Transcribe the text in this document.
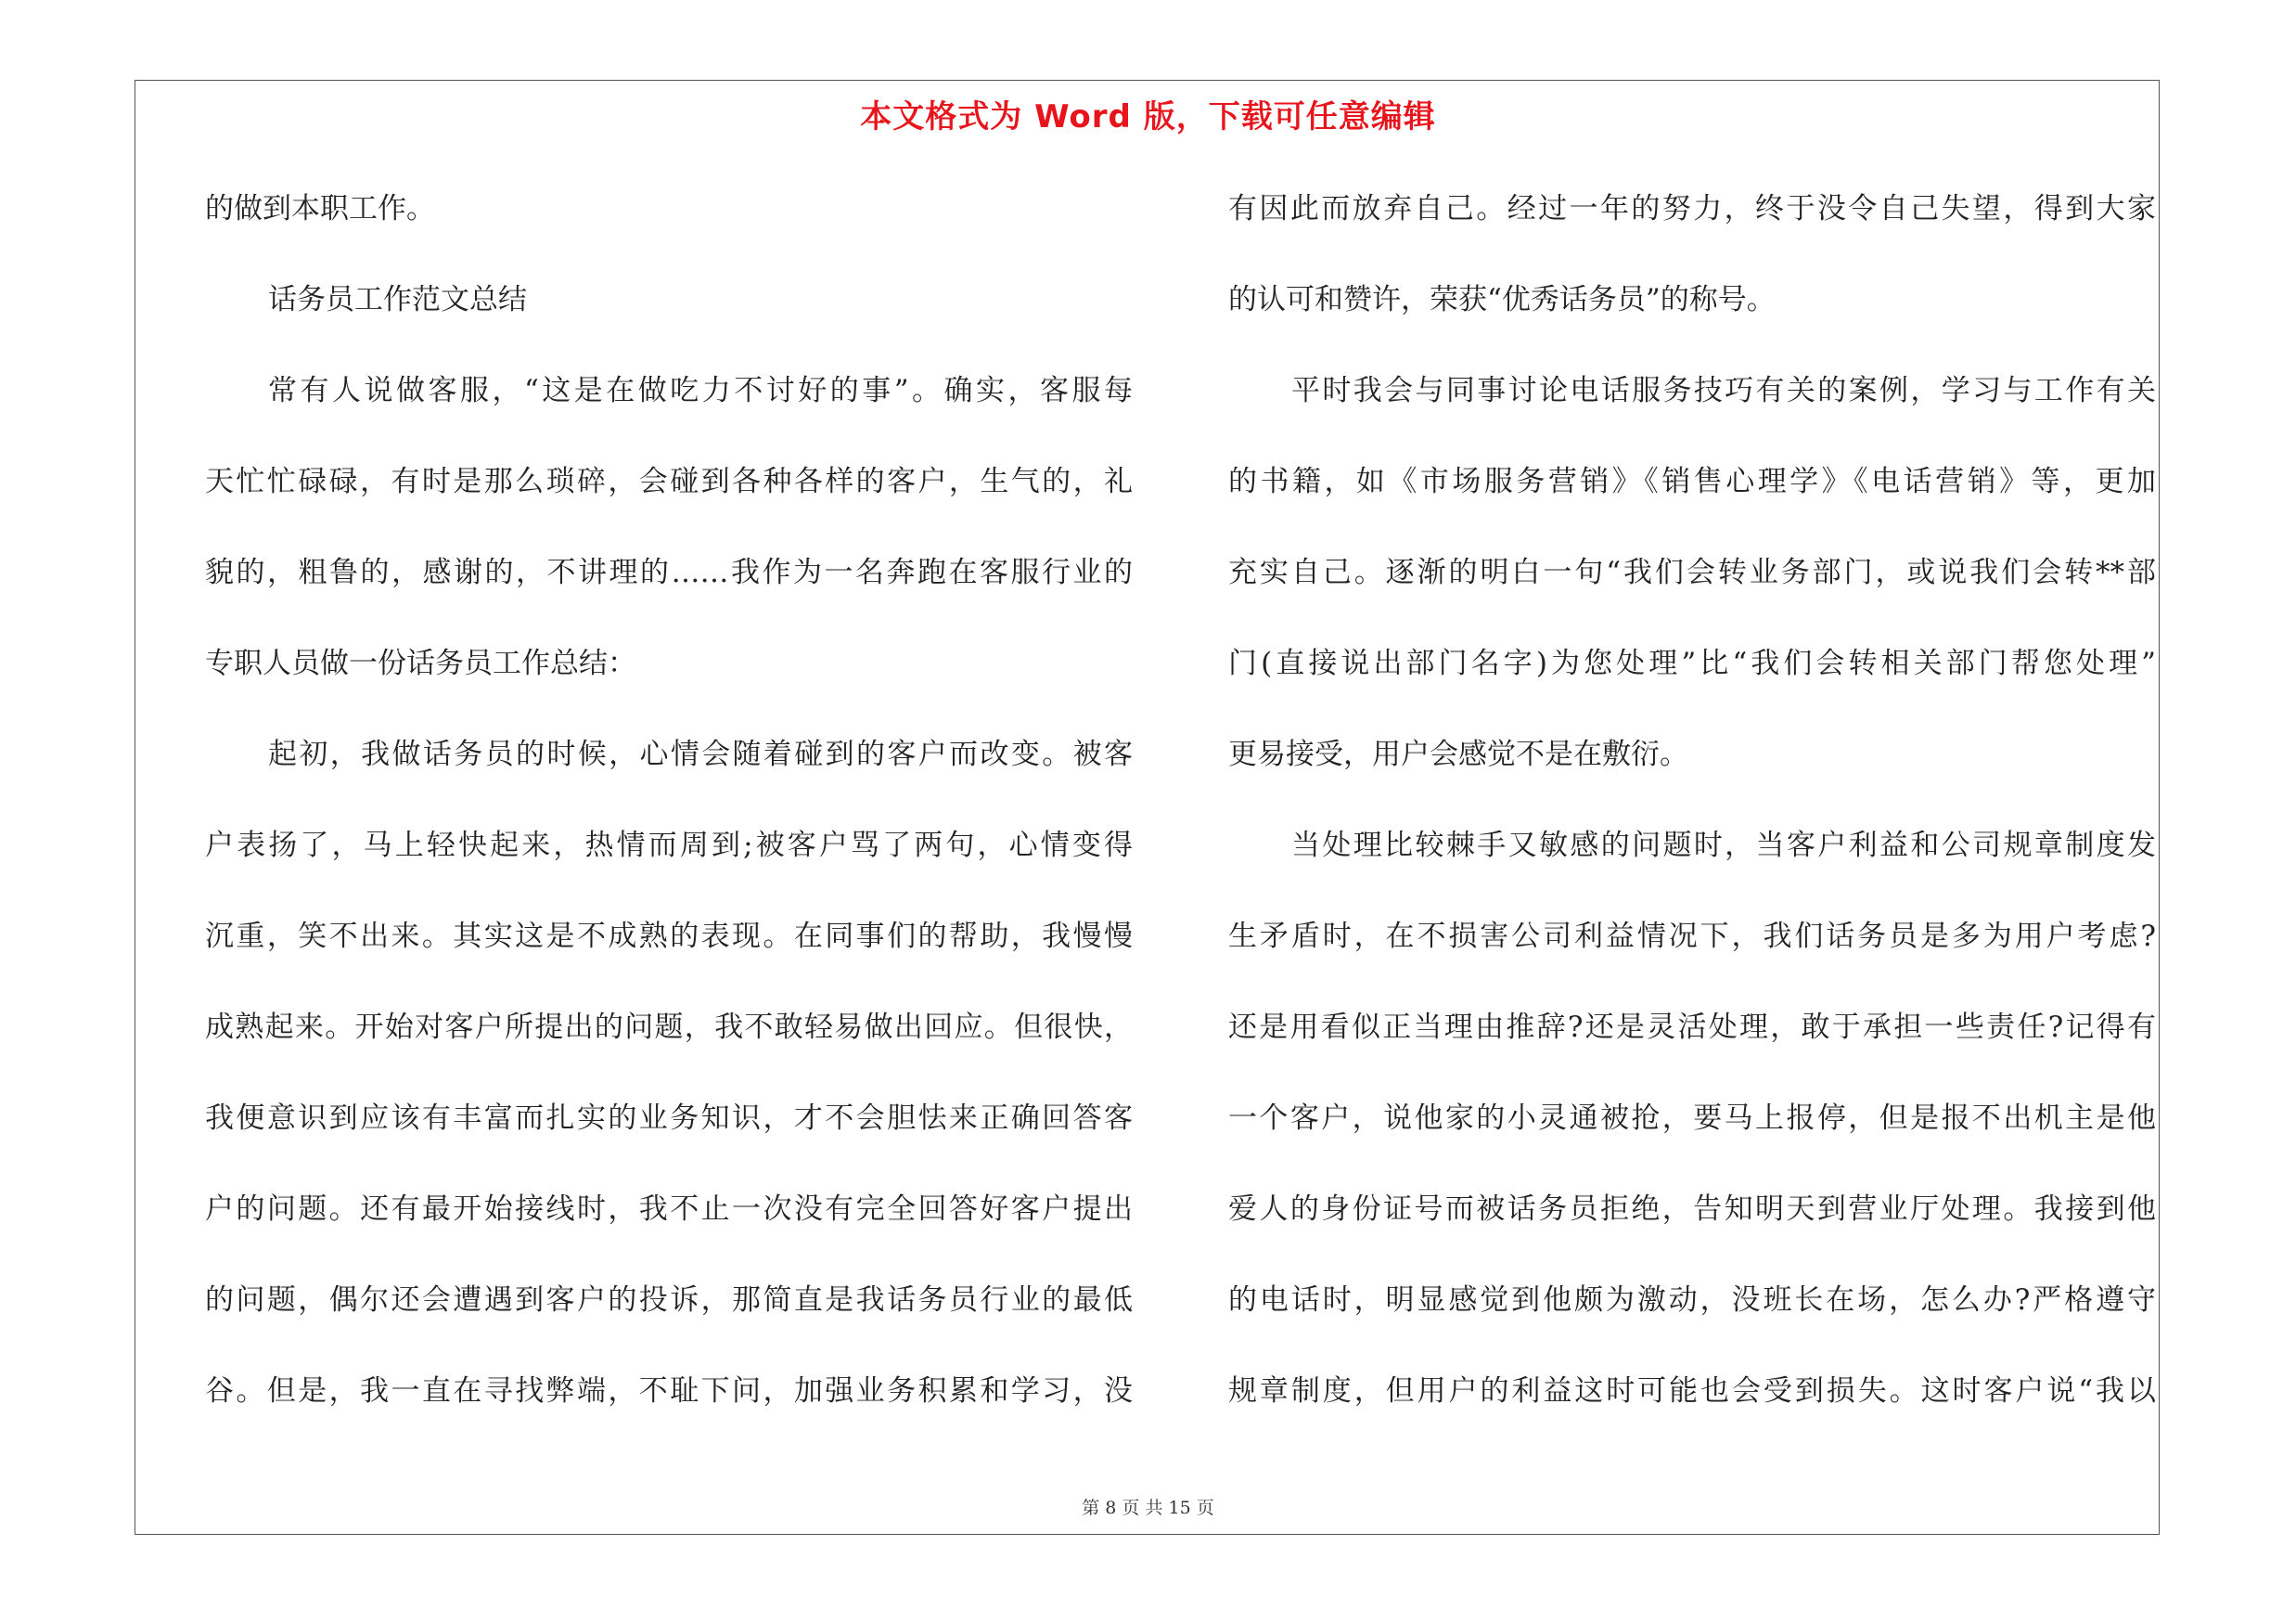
本文格式为 Word 版，下载可任意编辑
的做到本职工作。
话务员工作范文总结
常有人说做客服，“这是在做吃力不讨好的事”。确实，客服每
天忙忙碌碌，有时是那么琐碎，会碰到各种各样的客户，生气的，礼
貌的，粗鲁的，感谢的，不讲理的……我作为一名奔跑在客服行业的
专职人员做一份话务员工作总结：
起初，我做话务员的时候，心情会随着碰到的客户而改变。被客
户表扬了，马上轻快起来，热情而周到;被客户骂了两句，心情变得
沉重，笑不出来。其实这是不成熟的表现。在同事们的帮助，我慢慢
成熟起来。开始对客户所提出的问题，我不敢轻易做出回应。但很快，
我便意识到应该有丰富而扎实的业务知识，才不会胆怯来正确回答客
户的问题。还有最开始接线时，我不止一次没有完全回答好客户提出
的问题，偶尔还会遭遇到客户的投诉，那简直是我话务员行业的最低
谷。但是，我一直在寻找弊端，不耻下问，加强业务积累和学习，没
有因此而放弃自己。经过一年的努力，终于没令自己失望，得到大家
的认可和赞许，荣获“优秀话务员”的称号。
平时我会与同事讨论电话服务技巧有关的案例，学习与工作有关
的书籍，如《市场服务营销》《销售心理学》《电话营销》等，更加
充实自己。逐渐的明白一句“我们会转业务部门，或说我们会转**部
门(直接说出部门名字)为您处理”比“我们会转相关部门帮您处理”
更易接受，用户会感觉不是在敷衍。
当处理比较棘手又敏感的问题时，当客户利益和公司规章制度发
生矛盾时，在不损害公司利益情况下，我们话务员是多为用户考虑?
还是用看似正当理由推辞?还是灵活处理，敢于承担一些责任?记得有
一个客户，说他家的小灵通被抢，要马上报停，但是报不出机主是他
爱人的身份证号而被话务员拒绝，告知明天到营业厅处理。我接到他
的电话时，明显感觉到他颇为激动，没班长在场，怎么办?严格遵守
规章制度，但用户的利益这时可能也会受到损失。这时客户说“我以
第 8 页 共 15 页
